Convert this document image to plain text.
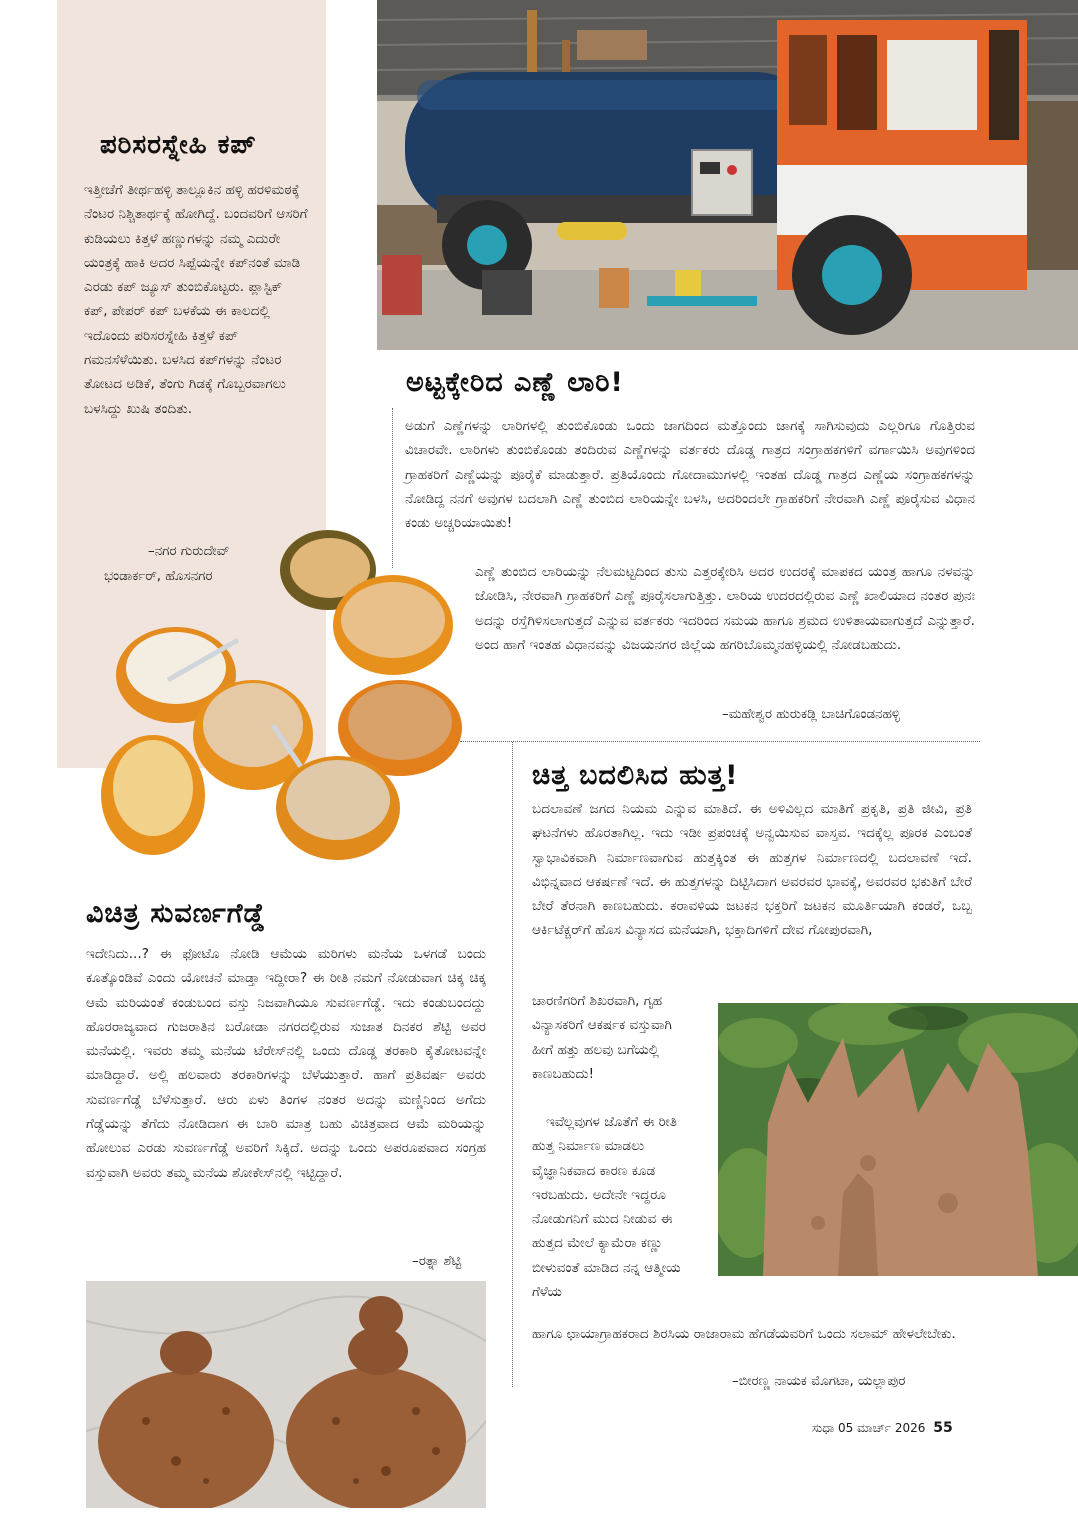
ಪರಿಸರಸ್ನೇಹಿ ಕಪ್

ಇತ್ತೀಚೆಗೆ ತೀರ್ಥಹಳ್ಳಿ ತಾಲ್ಲೂಕಿನ ಹಳ್ಳಿ ಹರಳಿಮಠಕ್ಕೆ ನೆಂಟರ ನಿಶ್ಚಿತಾರ್ಥಕ್ಕೆ ಹೋಗಿದ್ದೆ. ಬಂದವರಿಗೆ ಆಸರಿಗೆ ಕುಡಿಯಲು ಕಿತ್ತಳೆ ಹಣ್ಣುಗಳನ್ನು ನಮ್ಮ ಎದುರೇ ಯಂತ್ರಕ್ಕೆ ಹಾಕಿ ಅದರ ಸಿಪ್ಪೆಯನ್ನೇ ಕಪ್‌ನಂತೆ ಮಾಡಿ ಎರಡು ಕಪ್ ಜ್ಯೂಸ್ ತುಂಬಿಕೊಟ್ಟರು. ಪ್ಲಾಸ್ಟಿಕ್ ಕಪ್, ಪೇಪರ್ ಕಪ್ ಬಳಕೆಯ ಈ ಕಾಲದಲ್ಲಿ ಇದೊಂದು ಪರಿಸರಸ್ನೇಹಿ ಕಿತ್ತಳೆ ಕಪ್ ಗಮನಸೆಳೆಯಿತು. ಬಳಸಿದ ಕಪ್‌ಗಳನ್ನು ನೆಂಟರ ತೋಟದ ಅಡಿಕೆ, ತೆಂಗು ಗಿಡಕ್ಕೆ ಗೊಬ್ಬರವಾಗಲು ಬಳಸಿದ್ದು ಖುಷಿ ತಂದಿತು.

–ನಗರ ಗುರುದೇವ್

ಭಂಡಾರ್ಕರ್, ಹೊಸನಗರ

ಅಟ್ಟಕ್ಕೇರಿದ ಎಣ್ಣೆ ಲಾರಿ!

ಅಡುಗೆ ಎಣ್ಣೆಗಳನ್ನು ಲಾರಿಗಳಲ್ಲಿ ತುಂಬಿಕೊಂಡು ಒಂದು ಜಾಗದಿಂದ ಮತ್ತೊಂದು ಜಾಗಕ್ಕೆ ಸಾಗಿಸುವುದು ಎಲ್ಲರಿಗೂ ಗೊತ್ತಿರುವ ವಿಚಾರವೇ. ಲಾರಿಗಳು ತುಂಬಿಕೊಂಡು ತಂದಿರುವ ಎಣ್ಣೆಗಳನ್ನು ವರ್ತಕರು ದೊಡ್ಡ ಗಾತ್ರದ ಸಂಗ್ರಾಹಕಗಳಿಗೆ ವರ್ಗಾಯಿಸಿ ಅವುಗಳಿಂದ ಗ್ರಾಹಕರಿಗೆ ಎಣ್ಣೆಯನ್ನು ಪೂರೈಕೆ ಮಾಡುತ್ತಾರೆ. ಪ್ರತಿಯೊಂದು ಗೋದಾಮುಗಳಲ್ಲಿ ಇಂತಹ ದೊಡ್ಡ ಗಾತ್ರದ ಎಣ್ಣೆಯ ಸಂಗ್ರಾಹಕಗಳನ್ನು ನೋಡಿದ್ದ ನನಗೆ ಅವುಗಳ ಬದಲಾಗಿ ಎಣ್ಣೆ ತುಂಬಿದ ಲಾರಿಯನ್ನೇ ಬಳಸಿ, ಅದರಿಂದಲೇ ಗ್ರಾಹಕರಿಗೆ ನೇರವಾಗಿ ಎಣ್ಣೆ ಪೂರೈಸುವ ವಿಧಾನ ಕಂಡು ಅಚ್ಚರಿಯಾಯಿತು!

ಎಣ್ಣೆ ತುಂಬಿದ ಲಾರಿಯನ್ನು ನೆಲಮಟ್ಟದಿಂದ ತುಸು ಎತ್ತರಕ್ಕೇರಿಸಿ ಅದರ ಉದರಕ್ಕೆ ಮಾಪಕದ ಯಂತ್ರ ಹಾಗೂ ನಳವನ್ನು ಜೋಡಿಸಿ, ನೇರವಾಗಿ ಗ್ರಾಹಕರಿಗೆ ಎಣ್ಣೆ ಪೂರೈಸಲಾಗುತ್ತಿತ್ತು. ಲಾರಿಯ ಉದರದಲ್ಲಿರುವ ಎಣ್ಣೆ ಖಾಲಿಯಾದ ನಂತರ ಪುನಃ ಅದನ್ನು ರಸ್ತೆಗಿಳಿಸಲಾಗುತ್ತದೆ ಎನ್ನುವ ವರ್ತಕರು ಇದರಿಂದ ಸಮಯ ಹಾಗೂ ಶ್ರಮದ ಉಳಿತಾಯವಾಗುತ್ತದೆ ಎನ್ನುತ್ತಾರೆ. ಅಂದ ಹಾಗೆ ಇಂತಹ ವಿಧಾನವನ್ನು ವಿಜಯನಗರ ಜಿಲ್ಲೆಯ ಹಗರಿಬೊಮ್ಮನಹಳ್ಳಿಯಲ್ಲಿ ನೋಡಬಹುದು.

–ಮಹೇಶ್ವರ ಹುರುಕಡ್ಲಿ ಬಾಚಿಗೊಂಡನಹಳ್ಳಿ

ಚಿತ್ತ ಬದಲಿಸಿದ ಹುತ್ತ!

ಬದಲಾವಣೆ ಜಗದ ನಿಯಮ ಎನ್ನುವ ಮಾತಿದೆ. ಈ ಅಳಿವಿಲ್ಲದ ಮಾತಿಗೆ ಪ್ರಕೃತಿ, ಪ್ರತಿ ಜೀವಿ, ಪ್ರತಿ ಘಟನೆಗಳು ಹೊರತಾಗಿಲ್ಲ. ಇದು ಇಡೀ ಪ್ರಪಂಚಕ್ಕೆ ಅನ್ವಯಿಸುವ ವಾಸ್ತವ. ಇದಕ್ಕೆಲ್ಲ ಪೂರಕ ಎಂಬಂತೆ ಸ್ವಾಭಾವಿಕವಾಗಿ ನಿರ್ಮಾಣವಾಗುವ ಹುತ್ತಕ್ಕಿಂತ ಈ ಹುತ್ತಗಳ ನಿರ್ಮಾಣದಲ್ಲಿ ಬದಲಾವಣೆ ಇದೆ. ವಿಭಿನ್ನವಾದ ಆಕರ್ಷಣೆ ಇದೆ. ಈ ಹುತ್ತಗಳನ್ನು ದಿಟ್ಟಿಸಿದಾಗ ಅವರವರ ಭಾವಕ್ಕೆ, ಅವರವರ ಭಕುತಿಗೆ ಬೇರೆ ಬೇರೆ ತೆರನಾಗಿ ಕಾಣಬಹುದು. ಕರಾವಳಿಯ ಜಟಕನ ಭಕ್ತರಿಗೆ ಜಟಕನ ಮೂರ್ತಿಯಾಗಿ ಕಂಡರೆ, ಒಬ್ಬ ಆರ್ಕಿಟೆಕ್ಚರ್‌ಗೆ ಹೊಸ ವಿನ್ಯಾಸದ ಮನೆಯಾಗಿ, ಭಕ್ತಾದಿಗಳಿಗೆ ದೇವ ಗೋಪುರವಾಗಿ,

ಚಾರಣಿಗರಿಗೆ ಶಿಖರವಾಗಿ, ಗೃಹ ವಿನ್ಯಾಸಕರಿಗೆ ಆಕರ್ಷಕ ವಸ್ತುವಾಗಿ ಹೀಗೆ ಹತ್ತು ಹಲವು ಬಗೆಯಲ್ಲಿ ಕಾಣಬಹುದು!

ಇವೆಲ್ಲವುಗಳ ಜೊತೆಗೆ ಈ ರೀತಿ ಹುತ್ತ ನಿರ್ಮಾಣ ಮಾಡಲು ವೈಜ್ಞಾನಿಕವಾದ ಕಾರಣ ಕೂಡ ಇರಬಹುದು. ಅದೇನೇ ಇದ್ದರೂ ನೋಡುಗನಿಗೆ ಮುದ ನೀಡುವ ಈ ಹುತ್ತದ ಮೇಲೆ ಕ್ಯಾಮೆರಾ ಕಣ್ಣು ಬೀಳುವಂತೆ ಮಾಡಿದ ನನ್ನ ಆತ್ಮೀಯ ಗೆಳೆಯ

ಹಾಗೂ ಛಾಯಾಗ್ರಾಹಕರಾದ ಶಿರಸಿಯ ರಾಜಾರಾಮ ಹೆಗಡೆಯವರಿಗೆ ಒಂದು ಸಲಾಮ್ ಹೇಳಲೇಬೇಕು.

–ಬೀರಣ್ಣ ನಾಯಕ ಮೊಗಟಾ, ಯಲ್ಲಾಪುರ

ವಿಚಿತ್ರ ಸುವರ್ಣಗೆಡ್ಡೆ

ಇದೇನಿದು...? ಈ ಫೋಟೊ ನೋಡಿ ಆಮೆಯ ಮರಿಗಳು ಮನೆಯ ಒಳಗಡೆ ಬಂದು ಕೂತ್ಕೊಂಡಿವೆ ಎಂದು ಯೋಚನೆ ಮಾಡ್ತಾ ಇದ್ದೀರಾ? ಈ ರೀತಿ ನಮಗೆ ನೋಡುವಾಗ ಚಿಕ್ಕ ಚಿಕ್ಕ ಆಮೆ ಮರಿಯಂತೆ ಕಂಡುಬಂದ ವಸ್ತು ನಿಜವಾಗಿಯೂ ಸುವರ್ಣಗೆಡ್ಡೆ. ಇದು ಕಂಡುಬಂದದ್ದು ಹೊರರಾಜ್ಯವಾದ ಗುಜರಾತಿನ ಬರೋಡಾ ನಗರದಲ್ಲಿರುವ ಸುಜಾತ ದಿನಕರ ಶೆಟ್ಟಿ ಅವರ ಮನೆಯಲ್ಲಿ. ಇವರು ತಮ್ಮ ಮನೆಯ ಟೆರೇಸ್‌ನಲ್ಲಿ ಒಂದು ದೊಡ್ಡ ತರಕಾರಿ ಕೈತೋಟವನ್ನೇ ಮಾಡಿದ್ದಾರೆ. ಅಲ್ಲಿ ಹಲವಾರು ತರಕಾರಿಗಳನ್ನು ಬೆಳೆಯುತ್ತಾರೆ. ಹಾಗೆ ಪ್ರತಿವರ್ಷ ಅವರು ಸುವರ್ಣಗೆಡ್ಡೆ ಬೆಳೆಸುತ್ತಾರೆ. ಆರು ಏಳು ತಿಂಗಳ ನಂತರ ಅದನ್ನು ಮಣ್ಣಿನಿಂದ ಅಗೆದು ಗೆಡ್ಡೆಯನ್ನು ತೆಗೆದು ನೋಡಿದಾಗ ಈ ಬಾರಿ ಮಾತ್ರ ಬಹು ವಿಚಿತ್ರವಾದ ಆಮೆ ಮರಿಯನ್ನು ಹೋಲುವ ಎರಡು ಸುವರ್ಣಗೆಡ್ಡೆ ಅವರಿಗೆ ಸಿಕ್ಕಿದೆ. ಅದನ್ನು ಒಂದು ಅಪರೂಪವಾದ ಸಂಗ್ರಹ ವಸ್ತುವಾಗಿ ಅವರು ತಮ್ಮ ಮನೆಯ ಶೋಕೇಸ್‌ನಲ್ಲಿ ಇಟ್ಟಿದ್ದಾರೆ.

–ರತ್ನಾ ಶೆಟ್ಟಿ

ಸುಧಾ 05 ಮಾರ್ಚ್ 2026 55
